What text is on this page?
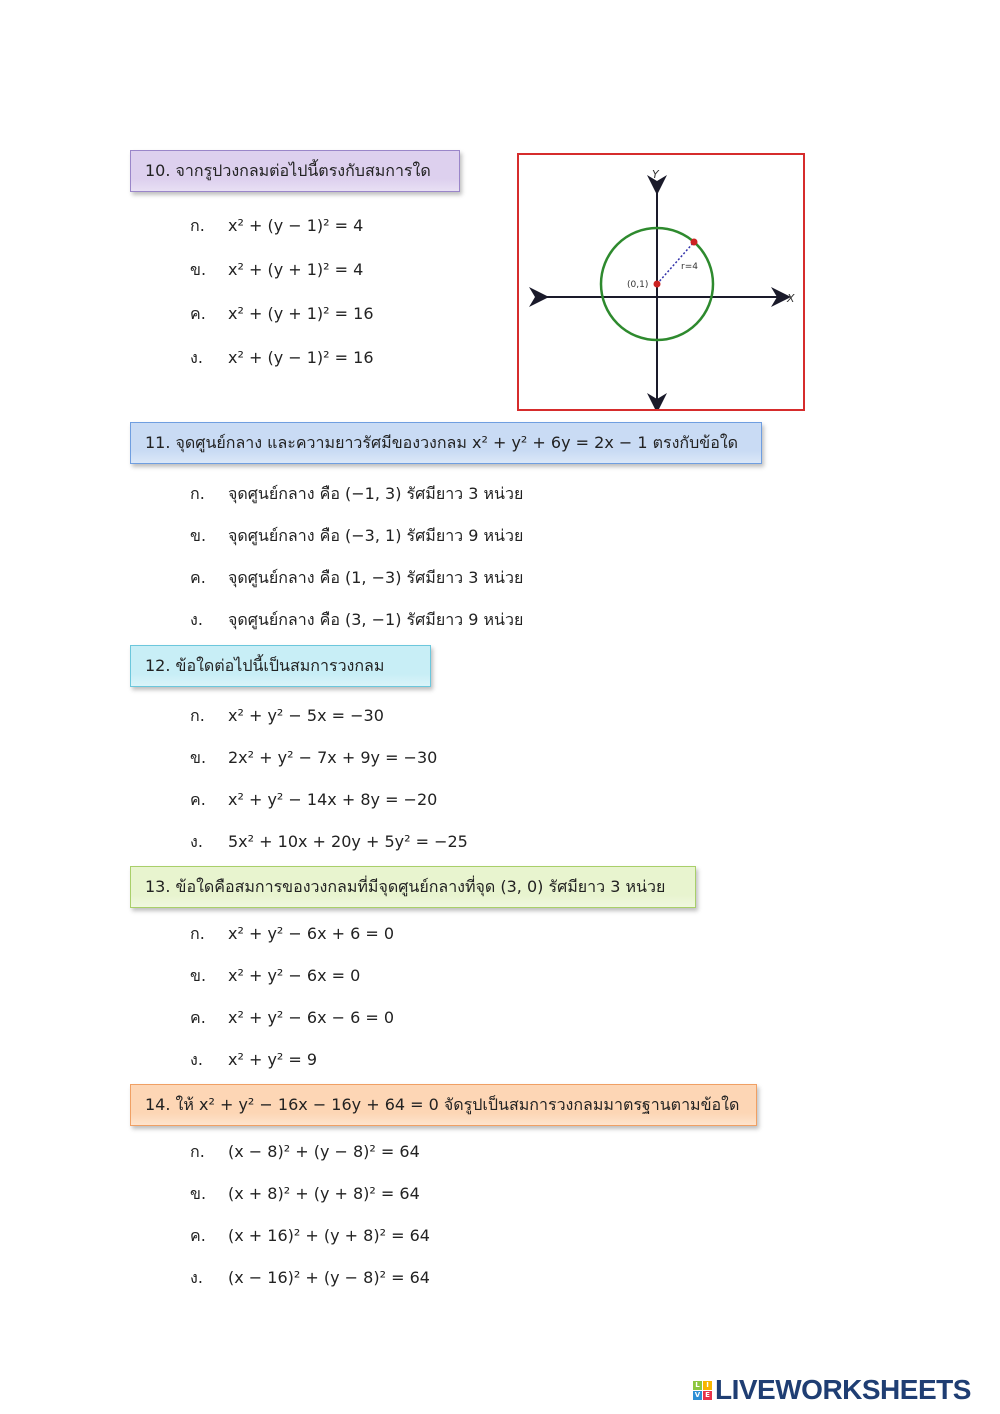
10. จากรูปวงกลมต่อไปนี้ตรงกับสมการใด
ก. x² + (y − 1)² = 4
ข. x² + (y + 1)² = 4
ค. x² + (y + 1)² = 16
ง. x² + (y − 1)² = 16
11. จุดศูนย์กลาง และความยาวรัศมีของวงกลม x² + y² + 6y = 2x − 1 ตรงกับข้อใด
ก. จุดศูนย์กลาง คือ (−1, 3) รัศมียาว 3 หน่วย
ข. จุดศูนย์กลาง คือ (−3, 1) รัศมียาว 9 หน่วย
ค. จุดศูนย์กลาง คือ (1, −3) รัศมียาว 3 หน่วย
ง. จุดศูนย์กลาง คือ (3, −1) รัศมียาว 9 หน่วย
12. ข้อใดต่อไปนี้เป็นสมการวงกลม
ก. x² + y² − 5x = −30
ข. 2x² + y² − 7x + 9y = −30
ค. x² + y² − 14x + 8y = −20
ง. 5x² + 10x + 20y + 5y² = −25
13. ข้อใดคือสมการของวงกลมที่มีจุดศูนย์กลางที่จุด (3, 0) รัศมียาว 3 หน่วย
ก. x² + y² − 6x + 6 = 0
ข. x² + y² − 6x = 0
ค. x² + y² − 6x − 6 = 0
ง. x² + y² = 9
14. ให้ x² + y² − 16x − 16y + 64 = 0 จัดรูปเป็นสมการวงกลมมาตรฐานตามข้อใด
ก. (x − 8)² + (y − 8)² = 64
ข. (x + 8)² + (y + 8)² = 64
ค. (x + 16)² + (y + 8)² = 64
ง. (x − 16)² + (y − 8)² = 64
Y
X
(0,1)
r=4
L I
V E LIVEWORKSHEETS
